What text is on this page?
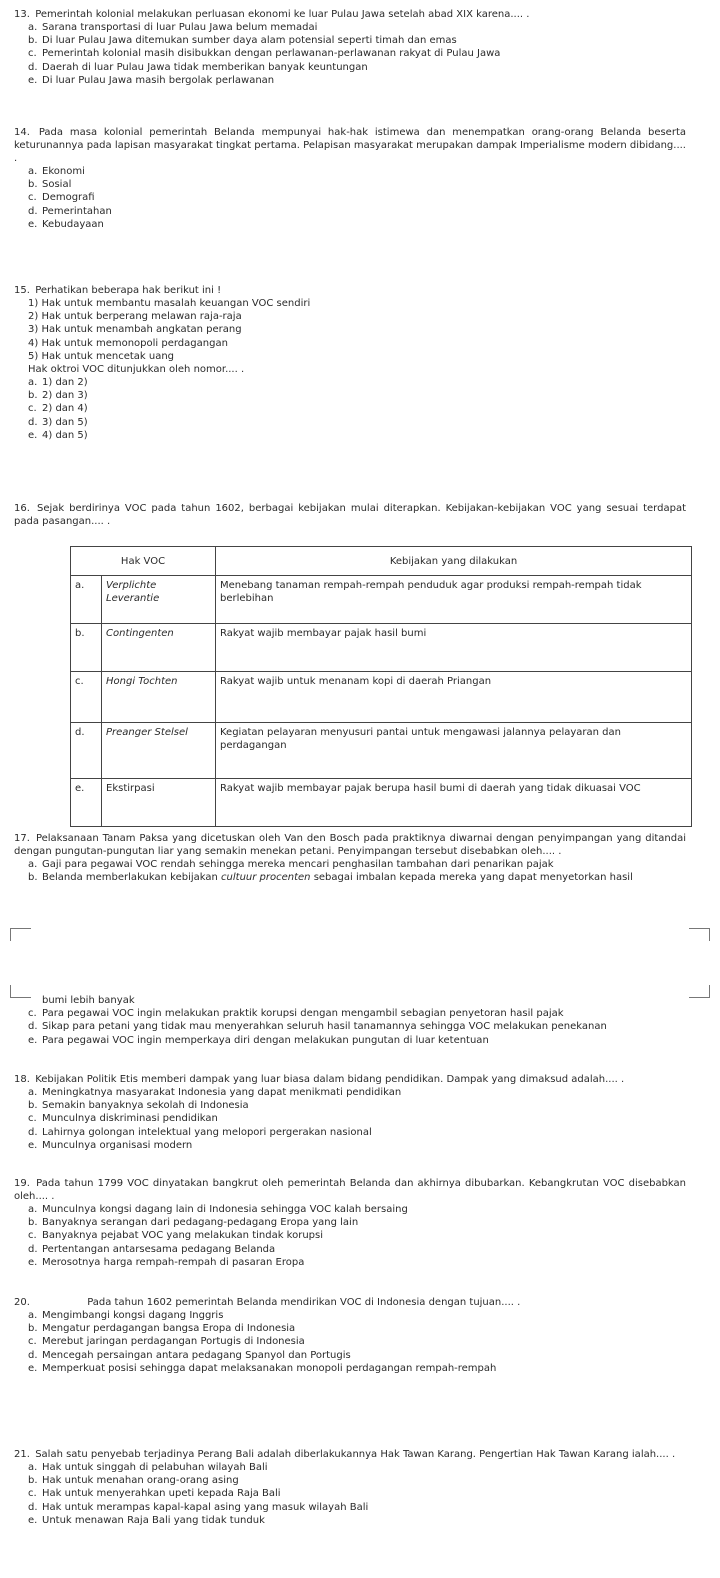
13. Pemerintah kolonial melakukan perluasan ekonomi ke luar Pulau Jawa setelah abad XIX karena.... .
a. Sarana transportasi di luar Pulau Jawa belum memadai
b. Di luar Pulau Jawa ditemukan sumber daya alam potensial seperti timah dan emas
c. Pemerintah kolonial masih disibukkan dengan perlawanan-perlawanan rakyat di Pulau Jawa
d. Daerah di luar Pulau Jawa tidak memberikan banyak keuntungan
e. Di luar Pulau Jawa masih bergolak perlawanan
14. Pada masa kolonial pemerintah Belanda mempunyai hak-hak istimewa dan menempatkan orang-orang Belanda beserta keturunannya pada lapisan masyarakat tingkat pertama. Pelapisan masyarakat merupakan dampak Imperialisme modern dibidang.... .
a. Ekonomi
b. Sosial
c. Demografi
d. Pemerintahan
e. Kebudayaan
15. Perhatikan beberapa hak berikut ini !
1) Hak untuk membantu masalah keuangan VOC sendiri
2) Hak untuk berperang melawan raja-raja
3) Hak untuk menambah angkatan perang
4) Hak untuk memonopoli perdagangan
5) Hak untuk mencetak uang
Hak oktroi VOC ditunjukkan oleh nomor.... .
a. 1) dan 2)
b. 2) dan 3)
c. 2) dan 4)
d. 3) dan 5)
e. 4) dan 5)
16. Sejak berdirinya VOC pada tahun 1602, berbagai kebijakan mulai diterapkan. Kebijakan-kebijakan VOC yang sesuai terdapat pada pasangan.... .
Hak VOC		Kebijakan yang dilakukan
a.	Verplichte Leverantie	Menebang tanaman rempah-rempah penduduk agar produksi rempah-rempah tidak berlebihan
b.	Contingenten	Rakyat wajib membayar pajak hasil bumi
c.	Hongi Tochten	Rakyat wajib untuk menanam kopi di daerah Priangan
d.	Preanger Stelsel	Kegiatan pelayaran menyusuri pantai untuk mengawasi jalannya pelayaran dan perdagangan
e.	Ekstirpasi	Rakyat wajib membayar pajak berupa hasil bumi di daerah yang tidak dikuasai VOC
17. Pelaksanaan Tanam Paksa yang dicetuskan oleh Van den Bosch pada praktiknya diwarnai dengan penyimpangan yang ditandai dengan pungutan-pungutan liar yang semakin menekan petani. Penyimpangan tersebut disebabkan oleh.... .
a. Gaji para pegawai VOC rendah sehingga mereka mencari penghasilan tambahan dari penarikan pajak
b. Belanda memberlakukan kebijakan cultuur procenten sebagai imbalan kepada mereka yang dapat menyetorkan hasil
bumi lebih banyak
c. Para pegawai VOC ingin melakukan praktik korupsi dengan mengambil sebagian penyetoran hasil pajak
d. Sikap para petani yang tidak mau menyerahkan seluruh hasil tanamannya sehingga VOC melakukan penekanan
e. Para pegawai VOC ingin memperkaya diri dengan melakukan pungutan di luar ketentuan
18. Kebijakan Politik Etis memberi dampak yang luar biasa dalam bidang pendidikan. Dampak yang dimaksud adalah.... .
a. Meningkatnya masyarakat Indonesia yang dapat menikmati pendidikan
b. Semakin banyaknya sekolah di Indonesia
c. Munculnya diskriminasi pendidikan
d. Lahirnya golongan intelektual yang melopori pergerakan nasional
e. Munculnya organisasi modern
19. Pada tahun 1799 VOC dinyatakan bangkrut oleh pemerintah Belanda dan akhirnya dibubarkan. Kebangkrutan VOC disebabkan oleh.... .
a. Munculnya kongsi dagang lain di Indonesia sehingga VOC kalah bersaing
b. Banyaknya serangan dari pedagang-pedagang Eropa yang lain
c. Banyaknya pejabat VOC yang melakukan tindak korupsi
d. Pertentangan antarsesama pedagang Belanda
e. Merosotnya harga rempah-rempah di pasaran Eropa
20.	Pada tahun 1602 pemerintah Belanda mendirikan VOC di Indonesia dengan tujuan.... .
a. Mengimbangi kongsi dagang Inggris
b. Mengatur perdagangan bangsa Eropa di Indonesia
c. Merebut jaringan perdagangan Portugis di Indonesia
d. Mencegah persaingan antara pedagang Spanyol dan Portugis
e. Memperkuat posisi sehingga dapat melaksanakan monopoli perdagangan rempah-rempah
21. Salah satu penyebab terjadinya Perang Bali adalah diberlakukannya Hak Tawan Karang. Pengertian Hak Tawan Karang ialah.... .
a. Hak untuk singgah di pelabuhan wilayah Bali
b. Hak untuk menahan orang-orang asing
c. Hak untuk menyerahkan upeti kepada Raja Bali
d. Hak untuk merampas kapal-kapal asing yang masuk wilayah Bali
e. Untuk menawan Raja Bali yang tidak tunduk
